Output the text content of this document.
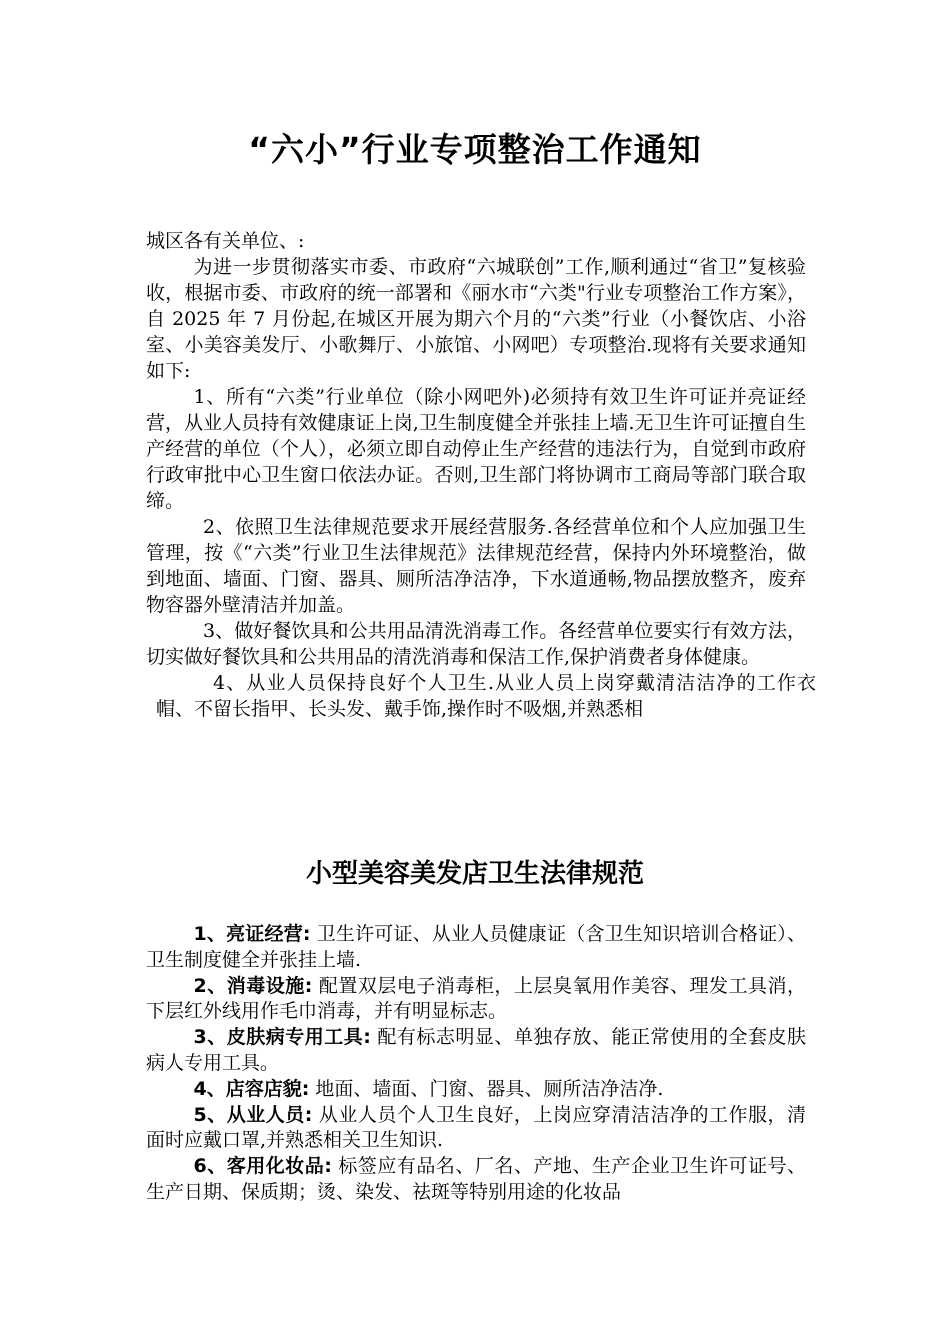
“六小”行业专项整治工作通知

城区各有关单位、:

为进一步贯彻落实市委、市政府“六城联创”工作,顺利通过“省卫”复核验收，根据市委、市政府的统一部署和《丽水市“六类"行业专项整治工作方案》，自 2025 年 7 月份起,在城区开展为期六个月的“六类”行业（小餐饮店、小浴室、小美容美发厅、小歌舞厅、小旅馆、小网吧）专项整治.现将有关要求通知如下:

1、所有“六类”行业单位（除小网吧外)必须持有效卫生许可证并亮证经营，从业人员持有效健康证上岗,卫生制度健全并张挂上墙.无卫生许可证擅自生产经营的单位（个人），必须立即自动停止生产经营的违法行为，自觉到市政府行政审批中心卫生窗口依法办证。否则,卫生部门将协调市工商局等部门联合取缔。

2、依照卫生法律规范要求开展经营服务.各经营单位和个人应加强卫生管理，按《“六类”行业卫生法律规范》法律规范经营，保持内外环境整治，做到地面、墙面、门窗、器具、厕所洁净洁净，下水道通畅,物品摆放整齐，废弃物容器外壁清洁并加盖。

3、做好餐饮具和公共用品清洗消毒工作。各经营单位要实行有效方法，切实做好餐饮具和公共用品的清洗消毒和保洁工作,保护消费者身体健康。

4、从业人员保持良好个人卫生.从业人员上岗穿戴清洁洁净的工作衣帽、不留长指甲、长头发、戴手饰,操作时不吸烟,并熟悉相

小型美容美发店卫生法律规范

1、亮证经营: 卫生许可证、从业人员健康证（含卫生知识培训合格证）、卫生制度健全并张挂上墙.

2、消毒设施: 配置双层电子消毒柜，上层臭氧用作美容、理发工具消，下层红外线用作毛巾消毒，并有明显标志。

3、皮肤病专用工具: 配有标志明显、单独存放、能正常使用的全套皮肤病人专用工具。

4、店容店貌: 地面、墙面、门窗、器具、厕所洁净洁净.

5、从业人员: 从业人员个人卫生良好，上岗应穿清洁洁净的工作服，清面时应戴口罩,并熟悉相关卫生知识.

6、客用化妆品: 标签应有品名、厂名、产地、生产企业卫生许可证号、生产日期、保质期；烫、染发、祛斑等特别用途的化妆品
